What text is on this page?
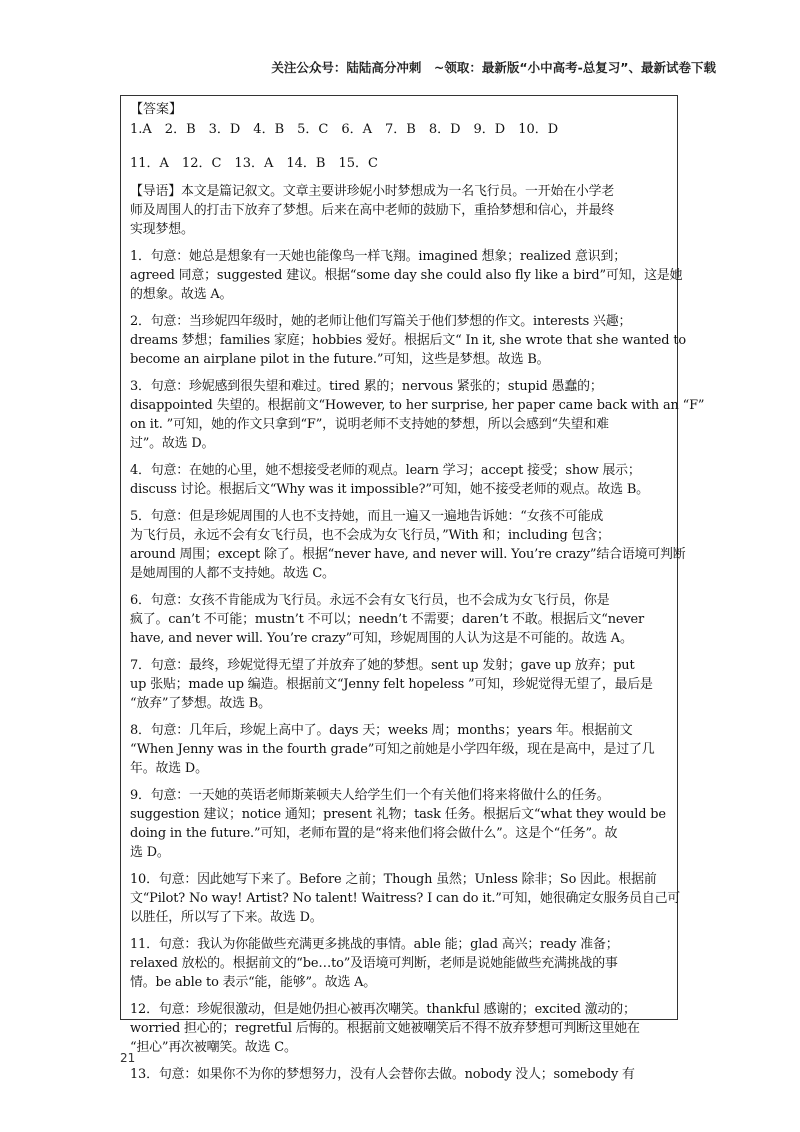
关注公众号：陆陆高分冲刺　~领取：最新版“小中高考-总复习”、最新试卷下载
【答案】
1.A　2．B　3．D　4．B　5．C　6．A　7．B　8．D　9．D　10．D
11．A　12．C　13．A　14．B　15．C
【导语】本文是篇记叙文。文章主要讲珍妮小时梦想成为一名飞行员。一开始在小学老
师及周围人的打击下放弃了梦想。后来在高中老师的鼓励下，重拾梦想和信心，并最终
实现梦想。
1．句意：她总是想象有一天她也能像鸟一样飞翔。imagined 想象；realized 意识到；
agreed 同意；suggested 建议。根据“some day she could also fly like a bird”可知，这是她
的想象。故选 A。
2．句意：当珍妮四年级时，她的老师让他们写篇关于他们梦想的作文。interests 兴趣；
dreams 梦想；families 家庭；hobbies 爱好。根据后文“ In it, she wrote that she wanted to
become an airplane pilot in the future.”可知，这些是梦想。故选 B。
3．句意：珍妮感到很失望和难过。tired 累的；nervous 紧张的；stupid 愚蠢的；
disappointed 失望的。根据前文“However, to her surprise, her paper came back with an “F”
on it. ”可知，她的作文只拿到“F”，说明老师不支持她的梦想，所以会感到“失望和难
过”。故选 D。
4．句意：在她的心里，她不想接受老师的观点。learn 学习；accept 接受；show 展示；
discuss 讨论。根据后文“Why was it impossible?”可知，她不接受老师的观点。故选 B。
5．句意：但是珍妮周围的人也不支持她，而且一遍又一遍地告诉她：“女孩不可能成
为飞行员，永远不会有女飞行员，也不会成为女飞行员，”With 和；including 包含；
around 周围；except 除了。根据“never have, and never will. You’re crazy”结合语境可判断
是她周围的人都不支持她。故选 C。
6．句意：女孩不肯能成为飞行员。永远不会有女飞行员，也不会成为女飞行员，你是
疯了。can’t 不可能；mustn’t 不可以；needn’t 不需要；daren’t 不敢。根据后文“never
have, and never will. You’re crazy”可知，珍妮周围的人认为这是不可能的。故选 A。
7．句意：最终，珍妮觉得无望了并放弃了她的梦想。sent up 发射；gave up 放弃；put
up 张贴；made up 编造。根据前文“Jenny felt hopeless ”可知，珍妮觉得无望了，最后是
“放弃”了梦想。故选 B。
8．句意：几年后，珍妮上高中了。days 天；weeks 周；months；years 年。根据前文
“When Jenny was in the fourth grade”可知之前她是小学四年级，现在是高中，是过了几
年。故选 D。
9．句意：一天她的英语老师斯莱顿夫人给学生们一个有关他们将来将做什么的任务。
suggestion 建议；notice 通知；present 礼物；task 任务。根据后文“what they would be
doing in the future.”可知，老师布置的是“将来他们将会做什么”。这是个“任务”。故
选 D。
10．句意：因此她写下来了。Before 之前；Though 虽然；Unless 除非；So 因此。根据前
文“Pilot? No way! Artist? No talent! Waitress? I can do it.”可知，她很确定女服务员自己可
以胜任，所以写了下来。故选 D。
11．句意：我认为你能做些充满更多挑战的事情。able 能；glad 高兴；ready 准备；
relaxed 放松的。根据前文的“be…to”及语境可判断，老师是说她能做些充满挑战的事
情。be able to 表示“能，能够”。故选 A。
12．句意：珍妮很激动，但是她仍担心被再次嘲笑。thankful 感谢的；excited 激动的；
worried 担心的；regretful 后悔的。根据前文她被嘲笑后不得不放弃梦想可判断这里她在
“担心”再次被嘲笑。故选 C。
13．句意：如果你不为你的梦想努力，没有人会替你去做。nobody 没人；somebody 有
21
